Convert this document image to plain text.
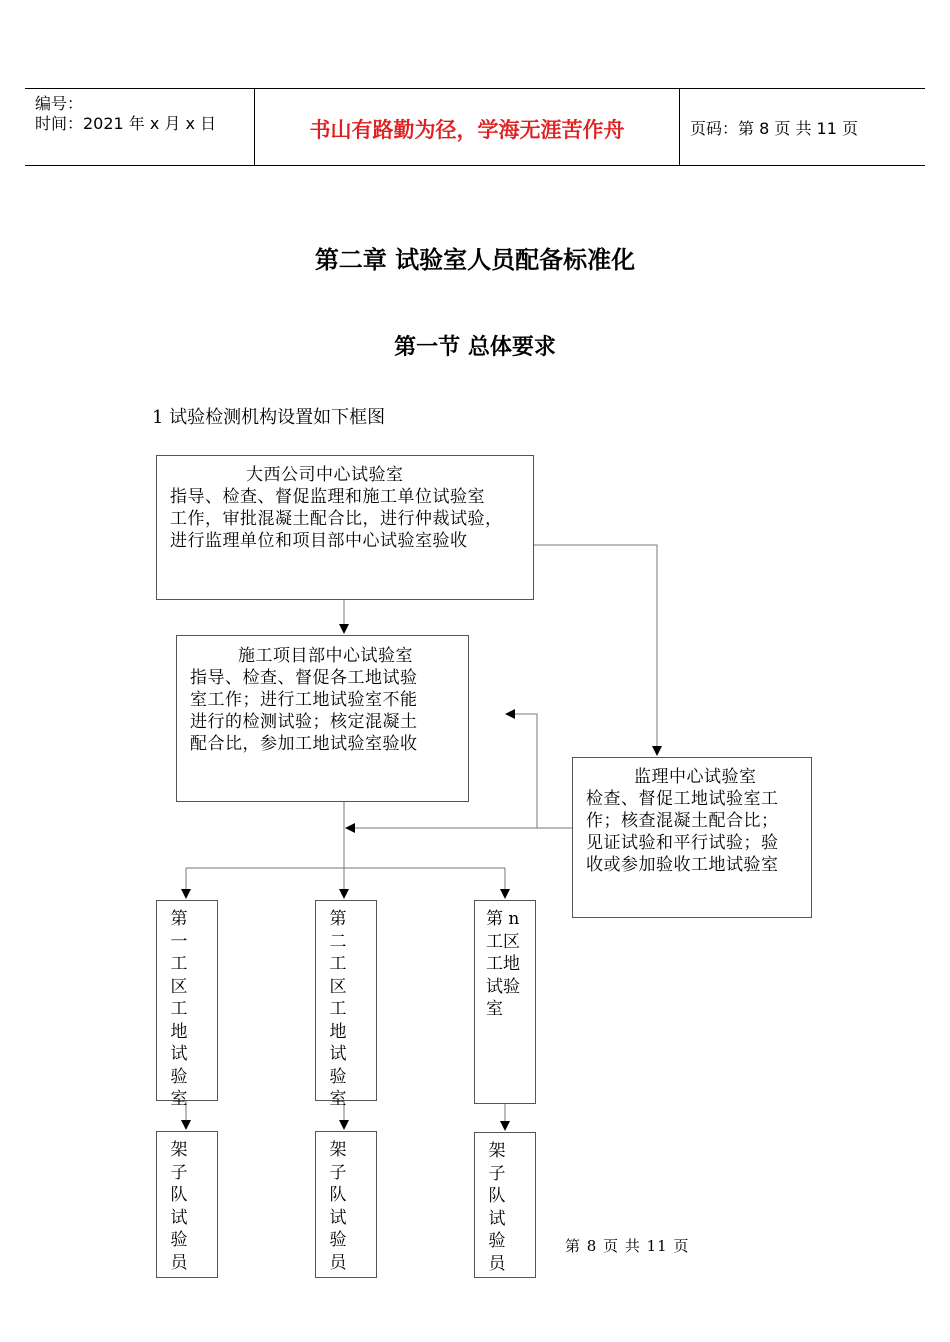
编号：
时间：2021 年 x 月 x 日	书山有路勤为径，学海无涯苦作舟	页码：第 8 页 共 11 页
第二章 试验室人员配备标准化
第一节 总体要求
1 试验检测机构设置如下框图
大西公司中心试验室
指导、检查、督促监理和施工单位试验室
工作，审批混凝土配合比，进行仲裁试验，
进行监理单位和项目部中心试验室验收
施工项目部中心试验室
指导、检查、督促各工地试验
室工作；进行工地试验室不能
进行的检测试验；核定混凝土
配合比，参加工地试验室验收
监理中心试验室
检查、督促工地试验室工
作；核查混凝土配合比；
见证试验和平行试验；验
收或参加验收工地试验室
第一工区工地试验室
第二工区工地试验室
第 n工区工地试验室
架子队试验员
架子队试验员
架子队试验员
第 8 页 共 11 页
